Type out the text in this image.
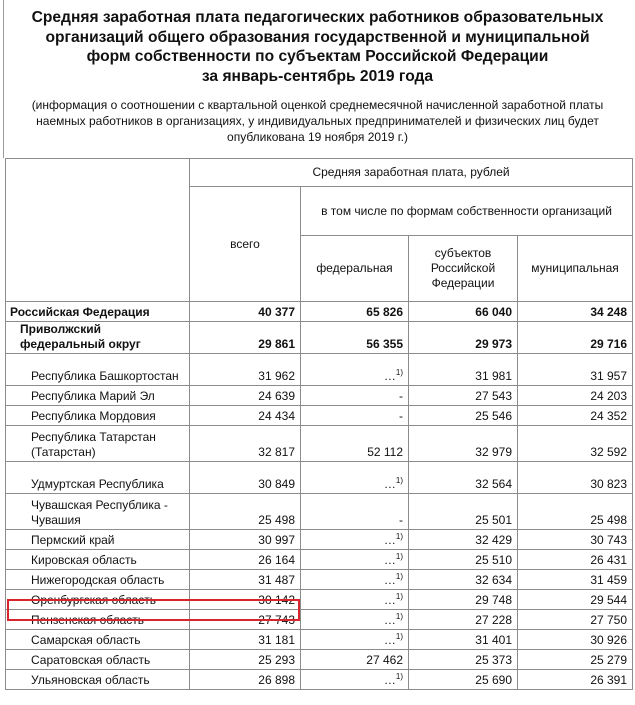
Средняя заработная плата педагогических работников образовательных
организаций общего образования государственной и муниципальной
форм собственности по субъектам Российской Федерации
за январь-сентябрь 2019 года
(информация о соотношении с квартальной оценкой среднемесячной начисленной заработной платы
наемных работников в организациях, у индивидуальных предпринимателей и физических лиц будет
опубликована 19 ноября 2019 г.)
	Средняя заработная плата, рублей			
	всего	в том числе по формам собственности организаций		
		федеральная	субъектов Российской Федерации	муниципальная
Российская Федерация	40 377	65 826	66 040	34 248
Приволжский федеральный округ	29 861	56 355	29 973	29 716
Республика Башкортостан	31 962	…$^{1)}$	31 981	31 957
Республика Марий Эл	24 639	-	27 543	24 203
Республика Мордовия	24 434	-	25 546	24 352
Республика Татарстан (Татарстан)	32 817	52 112	32 979	32 592
Удмуртская Республика	30 849	…$^{1)}$	32 564	30 823
Чувашская Республика - Чувашия	25 498	-	25 501	25 498
Пермский край	30 997	…$^{1)}$	32 429	30 743
Кировская область	26 164	…$^{1)}$	25 510	26 431
Нижегородская область	31 487	…$^{1)}$	32 634	31 459
Оренбургская область	30 142	…$^{1)}$	29 748	29 544
Пензенская область	27 743	…$^{1)}$	27 228	27 750
Самарская область	31 181	…$^{1)}$	31 401	30 926
Саратовская область	25 293	27 462	25 373	25 279
Ульяновская область	26 898	…$^{1)}$	25 690	26 391
